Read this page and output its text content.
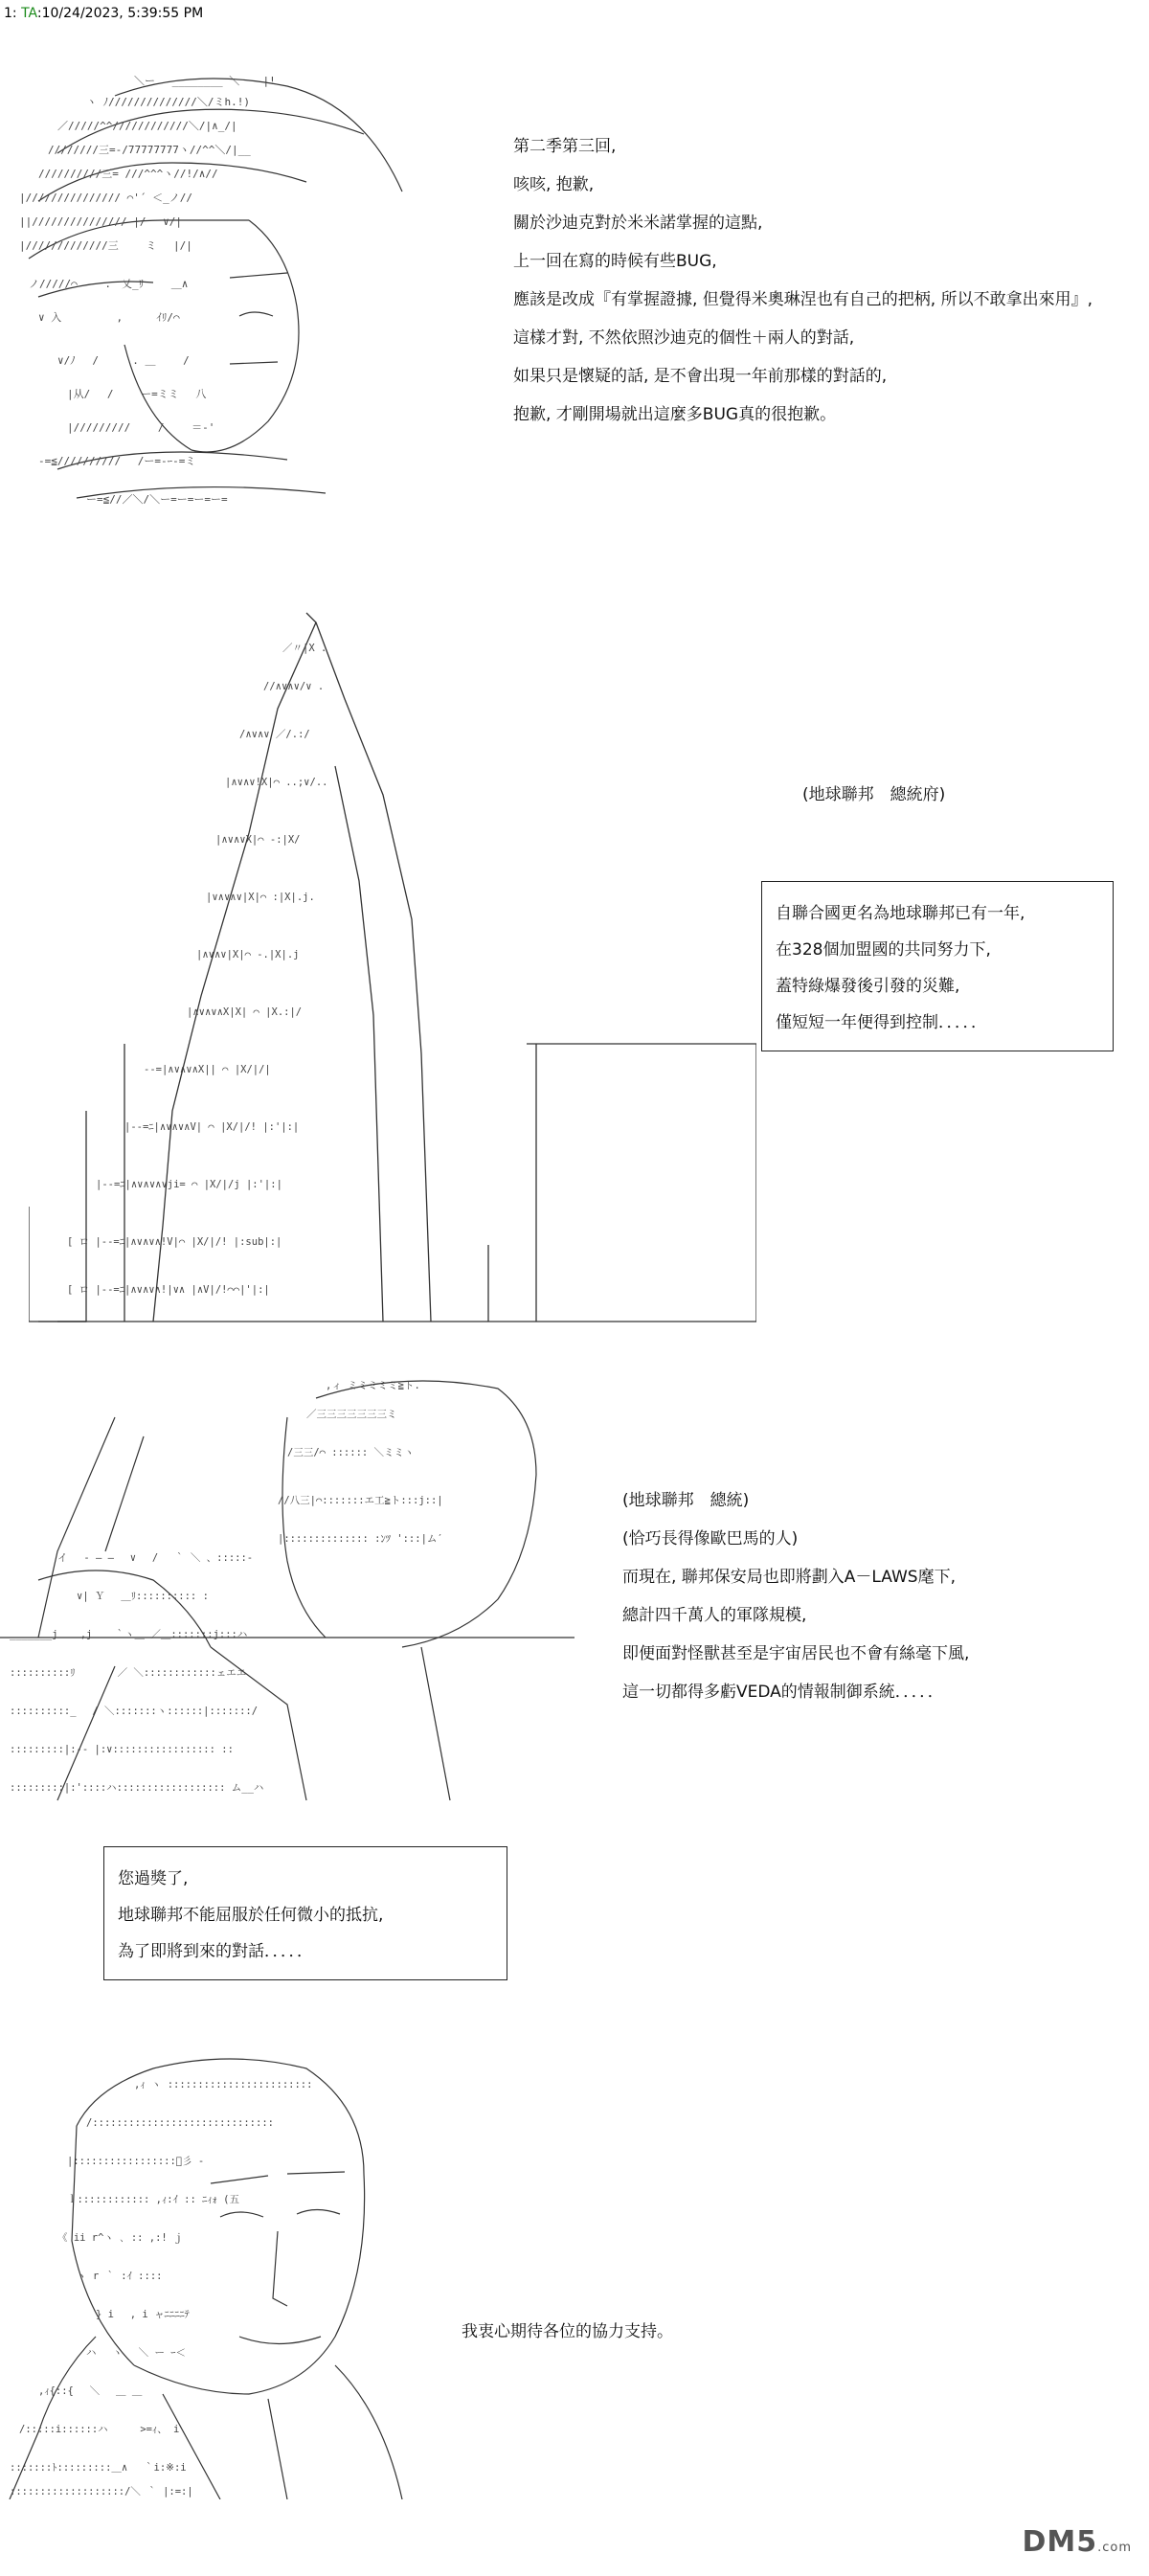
1: TA:10/24/2023, 5:39:55 PM
＼ー　 ________ ＼ 　 |!
ヽ ﾉ//////////////＼/ミh.!)
／/////^^////////////＼/|∧_/|
////////三=-/77777777ヽ//^^＼/|__
//////////三= ///^^^ヽ//!/∧//
|/////////////// ⌒'´ ＜_ノ//
||/////////////// |/　 ∨/|
|/////////////三　　 ミ　 |/|
ノ/////⌒　　 .　乂_ﾘ　　 ＿∧
∨ 入　　 　　 ,　 　 ｲﾘ/⌒
∨/ﾉ　 /　 　 . ＿　　 /
|从/　 /　　 ー=ミミ　 八
|/////////　　 /　　 ＝-'
-=≦////////// 　/ー=-ｰ-=ミ
ー=≦//／＼/＼ー=ー=ー=ー=

第二季第三回,

咳咳, 抱歉,

關於沙迪克對於米米諾掌握的這點,

上一回在寫的時候有些BUG,

應該是改成『有掌握證據, 但覺得米奧琳涅也有自己的把柄, 所以不敢拿出來用』,

這樣才對, 不然依照沙迪克的個性＋兩人的對話,

如果只是懷疑的話, 是不會出現一年前那樣的對話的,

抱歉, 才剛開場就出這麼多BUG真的很抱歉。

／〃|X .
//∧∨∧∨/∨ .
/∧∨∧∨ ／/.:/
|∧∨∧∨!X|⌒ ..;∨/..
|∧∨∧∨X|⌒ -:|X/
|∨∧∨∧∨|X|⌒ :|X|.j.
|∧∨∧∨|X|⌒ -.|X|.j
|∧∨∧∨∧X|X| ⌒ |X.:|/
--=|∧∨∧∨∧X|| ⌒ |X/|/|
|--=ﾆ|∧∨∧∨∧V| ⌒ |X/|/! |:'|:|
|--=ﾆ|∧∨∧∨∧∨ji= ⌒ |X/|/j |:'|:|
[ ロ |--=ﾆ|∧∨∧∨∧!V|⌒ |X/|/! |:sub|:|
[ ロ |--=ﾆ|∧∨∧∨∧!|∨∧ |∧V|/!⌒⌒|'|:|
(地球聯邦　總統府)

自聯合國更名為地球聯邦已有一年,

在328個加盟國的共同努力下,

蓋特綠爆發後引發的災難,

僅短短一年便得到控制．．．．．

,ィ ミミミミミ≧ト.
／三三三三三三三ミ
/三三/⌒ :::::: ＼ミミヽ
//八三|⌒:::::::エ工≧ト:::j::|
|:::::::::::::: :ﾝﾂ ':::|ム′
イ　 ‐ ― ―　 ∨　 /　 ｀ ＼ 、:::::‐
∨| Ｙ　 ＿ﾘ:::::::::: :
_______j 　 ,j 　 ｀ヽ＿ ／＿:::::::j:::ハ
::::::::::ﾘ 　　　 ／ ＼::::::::::::ェエエ
::::::::::_ 　/ ＼:::::::ヽ::::::|:::::::/
:::::::::|:-‐ |:∨::::::::::::::::: ::
:::::::::|:'::::ハ:::::::::::::::::: ム__ハ

(地球聯邦　總統)

(恰巧長得像歐巴馬的人)

而現在, 聯邦保安局也即將劃入A－LAWS麾下,

總計四千萬人的軍隊規模,

即便面對怪獸甚至是宇宙居民也不會有絲毫下風,

這一切都得多虧VEDA的情報制御系統．．．．．

您過獎了,

地球聯邦不能屈服於任何微小的抵抗,

為了即將到來的對話．．．．．

,ｨ ヽ ::::::::::::::::::::::::
/::::::::::::::::::::::::::::::
|:::::::::::::::::ﾞ彡 ‐
ｌ:::::::::::: ,ｨ:ｲ :: ﾆｨｫ (五
《 ii r^ヽ ､ :: ,:! ｊ
ヽ r ｀ :ｲ ::::
} i　 , i ャﾆﾆﾆﾆﾃ
ハ　 ヽ　 ＼ ー ｰ＜
,ｨ{::{　 ＼　 ＿ ＿
/:::::i::::::ハ　 　 >=ｨ、 i
:::::::ﾄ:::::::::＿∧　 ｀i:※:i
:::::::::::::::::::/＼ ｀ |:=:|
我衷心期待各位的協力支持。
DM5.com
